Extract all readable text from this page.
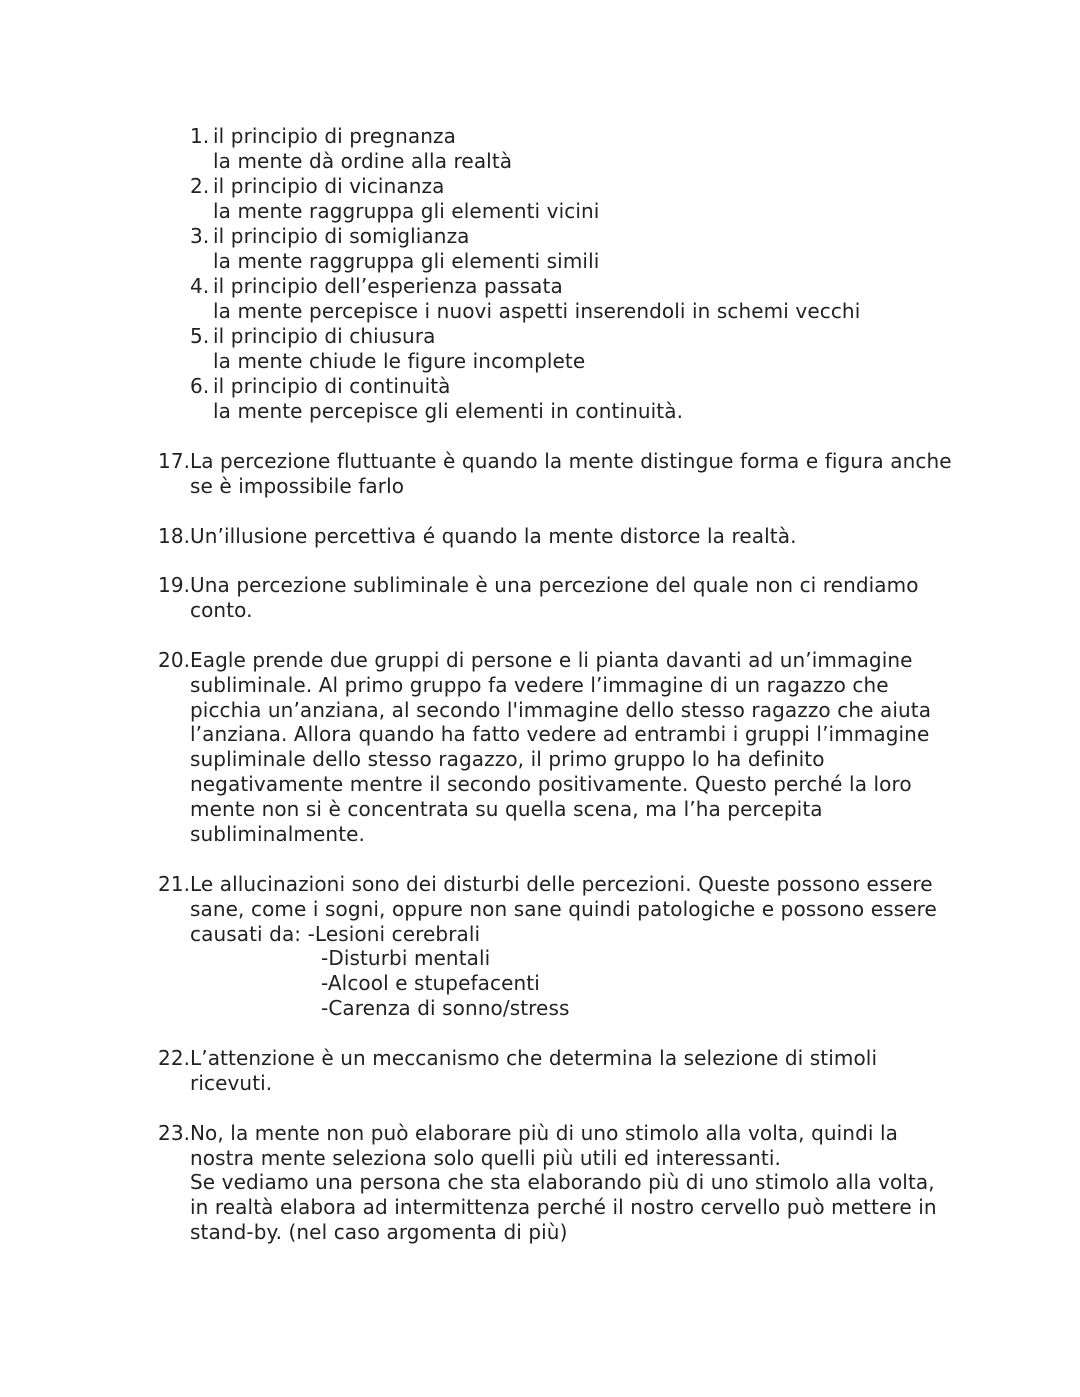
1. il principio di pregnanza
la mente dà ordine alla realtà
2. il principio di vicinanza
la mente raggruppa gli elementi vicini
3. il principio di somiglianza
la mente raggruppa gli elementi simili
4. il principio dell’esperienza passata
la mente percepisce i nuovi aspetti inserendoli in schemi vecchi
5. il principio di chiusura
la mente chiude le figure incomplete
6. il principio di continuità
la mente percepisce gli elementi in continuità.
17. La percezione fluttuante è quando la mente distingue forma e figura anche
se è impossibile farlo
18. Un’illusione percettiva é quando la mente distorce la realtà.
19. Una percezione subliminale è una percezione del quale non ci rendiamo
conto.
20. Eagle prende due gruppi di persone e li pianta davanti ad un’immagine
subliminale. Al primo gruppo fa vedere l’immagine di un ragazzo che
picchia un’anziana, al secondo l'immagine dello stesso ragazzo che aiuta
l’anziana. Allora quando ha fatto vedere ad entrambi i gruppi l’immagine
supliminale dello stesso ragazzo, il primo gruppo lo ha definito
negativamente mentre il secondo positivamente. Questo perché la loro
mente non si è concentrata su quella scena, ma l’ha percepita
subliminalmente.
21. Le allucinazioni sono dei disturbi delle percezioni. Queste possono essere
sane, come i sogni, oppure non sane quindi patologiche e possono essere
causati da: -Lesioni cerebrali
-Disturbi mentali
-Alcool e stupefacenti
-Carenza di sonno/stress
22. L’attenzione è un meccanismo che determina la selezione di stimoli
ricevuti.
23. No, la mente non può elaborare più di uno stimolo alla volta, quindi la
nostra mente seleziona solo quelli più utili ed interessanti.
Se vediamo una persona che sta elaborando più di uno stimolo alla volta,
in realtà elabora ad intermittenza perché il nostro cervello può mettere in
stand-by. (nel caso argomenta di più)
